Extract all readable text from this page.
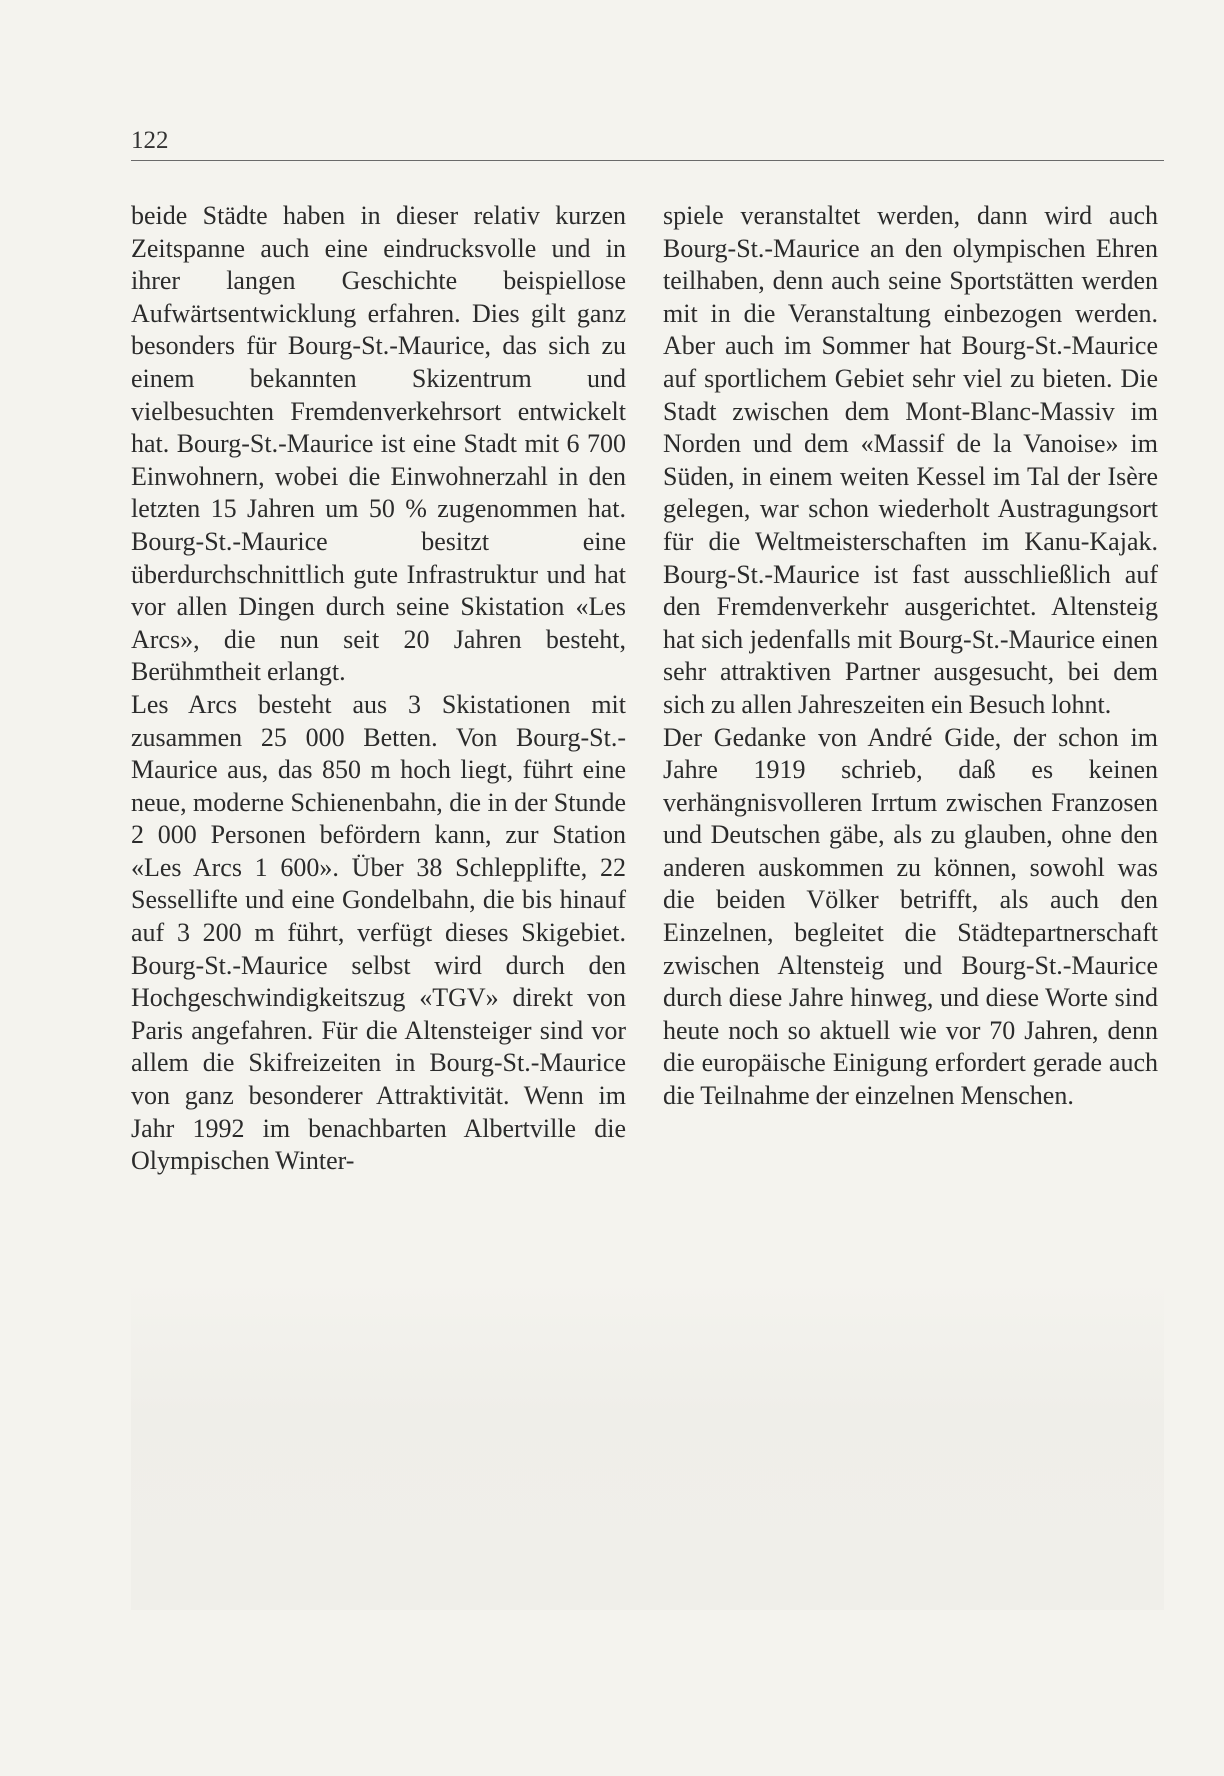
122

beide Städte haben in dieser relativ kurzen Zeitspanne auch eine eindrucksvolle und in ihrer langen Geschichte beispiellose Aufwärtsentwicklung erfahren. Dies gilt ganz besonders für Bourg-St.-Maurice, das sich zu einem bekannten Skizentrum und vielbesuchten Fremdenverkehrsort entwickelt hat. Bourg-St.-Maurice ist eine Stadt mit 6 700 Einwohnern, wobei die Einwohnerzahl in den letzten 15 Jahren um 50 % zugenommen hat. Bourg-St.-Maurice besitzt eine überdurchschnittlich gute Infrastruktur und hat vor allen Dingen durch seine Skistation «Les Arcs», die nun seit 20 Jahren besteht, Berühmtheit erlangt.

Les Arcs besteht aus 3 Skistationen mit zusammen 25 000 Betten. Von Bourg-St.-Maurice aus, das 850 m hoch liegt, führt eine neue, moderne Schienenbahn, die in der Stunde 2 000 Personen befördern kann, zur Station «Les Arcs 1 600». Über 38 Schlepplifte, 22 Sessellifte und eine Gondelbahn, die bis hinauf auf 3 200 m führt, verfügt dieses Skigebiet. Bourg-St.-Maurice selbst wird durch den Hochgeschwindigkeitszug «TGV» direkt von Paris angefahren. Für die Altensteiger sind vor allem die Skifreizeiten in Bourg-St.-Maurice von ganz besonderer Attraktivität. Wenn im Jahr 1992 im benachbarten Albertville die Olympischen Winter-

spiele veranstaltet werden, dann wird auch Bourg-St.-Maurice an den olympischen Ehren teilhaben, denn auch seine Sportstätten werden mit in die Veranstaltung einbezogen werden. Aber auch im Sommer hat Bourg-St.-Maurice auf sportlichem Gebiet sehr viel zu bieten. Die Stadt zwischen dem Mont-Blanc-Massiv im Norden und dem «Massif de la Vanoise» im Süden, in einem weiten Kessel im Tal der Isère gelegen, war schon wiederholt Austragungsort für die Weltmeisterschaften im Kanu-Kajak. Bourg-St.-Maurice ist fast ausschließlich auf den Fremdenverkehr ausgerichtet. Altensteig hat sich jedenfalls mit Bourg-St.-Maurice einen sehr attraktiven Partner ausgesucht, bei dem sich zu allen Jahreszeiten ein Besuch lohnt.

Der Gedanke von André Gide, der schon im Jahre 1919 schrieb, daß es keinen verhängnisvolleren Irrtum zwischen Franzosen und Deutschen gäbe, als zu glauben, ohne den anderen auskommen zu können, sowohl was die beiden Völker betrifft, als auch den Einzelnen, begleitet die Städtepartnerschaft zwischen Altensteig und Bourg-St.-Maurice durch diese Jahre hinweg, und diese Worte sind heute noch so aktuell wie vor 70 Jahren, denn die europäische Einigung erfordert gerade auch die Teilnahme der einzelnen Menschen.
